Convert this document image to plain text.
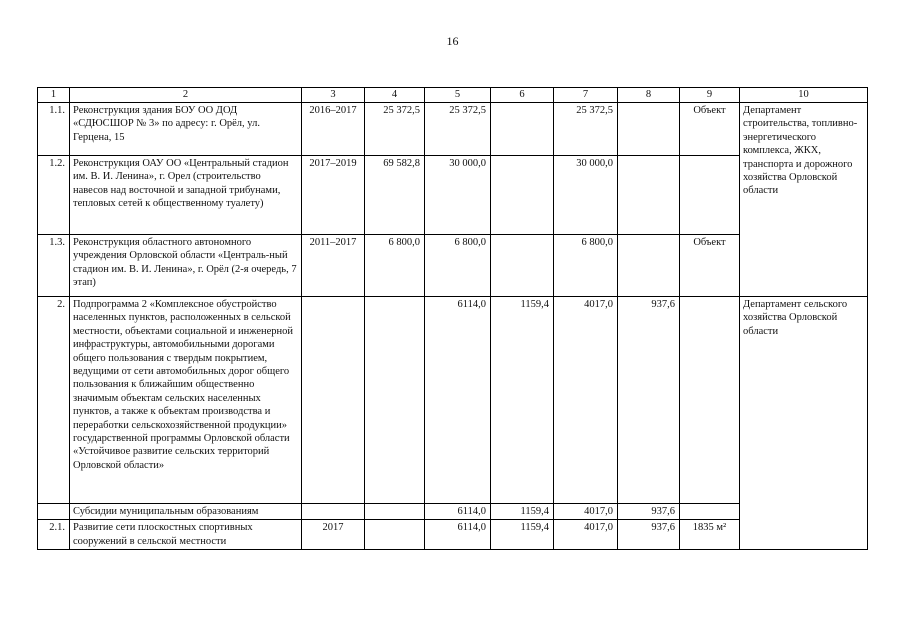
16
1	2	3	4	5	6	7	8	9	10
1.1.	Реконструкция здания БОУ ОО ДОД «СДЮСШОР № 3» по адресу: г. Орёл, ул. Герцена, 15	2016–2017	25 372,5	25 372,5		25 372,5		Объект	Департамент строительства, топливно-энергетического комплекса, ЖКХ, транспорта и дорожного хозяйства Орловской области
1.2.	Реконструкция ОАУ ОО «Центральный стадион им. В. И. Ленина», г. Орел (строительство навесов над восточной и западной трибунами, тепловых сетей к общественному туалету)	2017–2019	69 582,8	30 000,0		30 000,0			
1.3.	Реконструкция областного автономного учреждения Орловской области «Централь-ный стадион им. В. И. Ленина», г. Орёл (2-я очередь, 7 этап)	2011–2017	6 800,0	6 800,0		6 800,0		Объект	
2.	Подпрограмма 2 «Комплексное обустройство населенных пунктов, расположенных в сельской местности, объектами социальной и инженерной инфраструктуры, автомобильными дорогами общего пользования с твердым покрытием, ведущими от сети автомобильных дорог общего пользования к ближайшим общественно значимым объектам сельских населенных пунктов, а также к объектам производства и переработки сельскохозяйственной продукции» государственной программы Орловской области «Устойчивое развитие сельских территорий Орловской области»			6114,0	1159,4	4017,0	937,6		Департамент сельского хозяйства Орловской области
	Субсидии муниципальным образованиям			6114,0	1159,4	4017,0	937,6		
2.1.	Развитие сети плоскостных спортивных сооружений в сельской местности	2017		6114,0	1159,4	4017,0	937,6	1835 м²	
